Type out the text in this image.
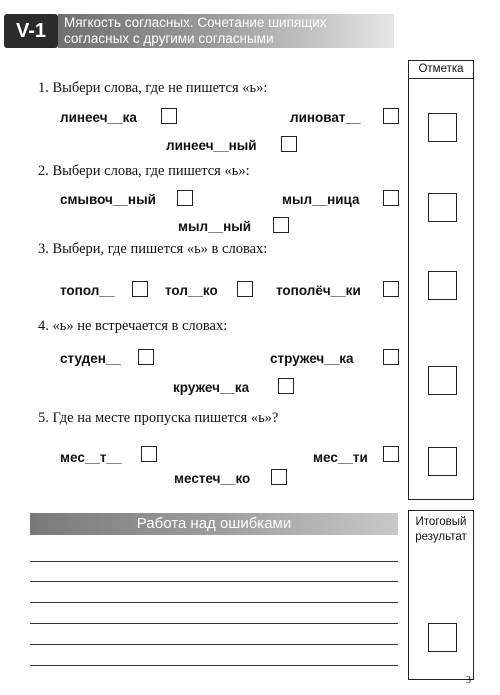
V-1 Мягкость согласных. Сочетание шипящих
согласных с другими согласными
1. Выбери слова, где не пишется «ь»:
линееч__ка	линоват__
линееч__ный
2. Выбери слова, где пишется «ь»:
смывоч__ный	мыл__ница
мыл__ный
3. Выбери, где пишется «ь» в словах:
топол__	тол__ко	тополёч__ки
4. «ь» не встречается в словах:
студен__	стружеч__ка
кружеч__ка
5. Где на месте пропуска пишется «ь»?
мес__т__	мес__ти
местеч__ко
Отметка
Работа над ошибками	Итоговый
результат
3
